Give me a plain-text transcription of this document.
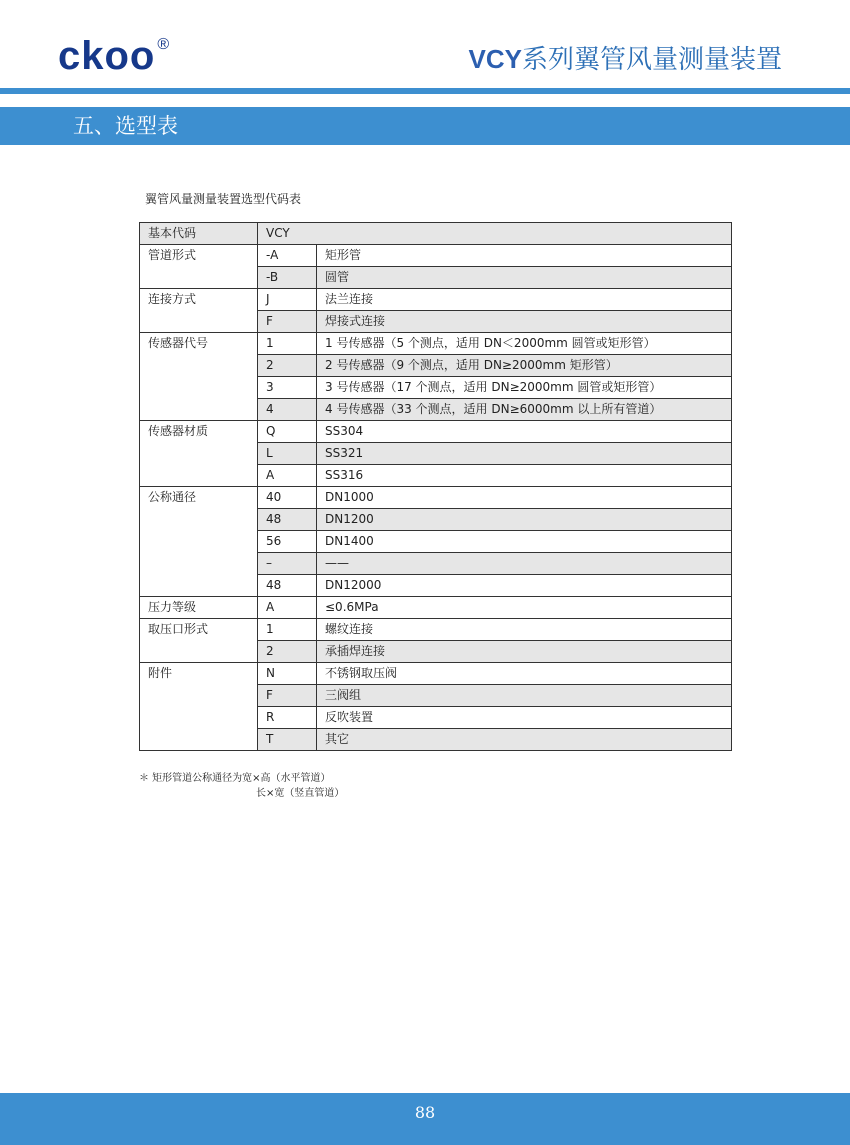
ckoo ®	VCY系列翼管风量测量装置
五、选型表
翼管风量测量装置选型代码表
基本代码	VCY	
管道形式	-A	矩形管
	-B	圆管
连接方式	J	法兰连接
	F	焊接式连接
传感器代号	1	1 号传感器（5 个测点，适用 DN＜2000mm 圆管或矩形管）
	2	2 号传感器（9 个测点，适用 DN≥2000mm 矩形管）
	3	3 号传感器（17 个测点，适用 DN≥2000mm 圆管或矩形管）
	4	4 号传感器（33 个测点，适用 DN≥6000mm 以上所有管道）
传感器材质	Q	SS304
	L	SS321
	A	SS316
公称通径	40	DN1000
	48	DN1200
	56	DN1400
	–	——
	48	DN12000
压力等级	A	≤0.6MPa
取压口形式	1	螺纹连接
	2	承插焊连接
附件	N	不锈钢取压阀
	F	三阀组
	R	反吹装置
	T	其它
＊ 矩形管道公称通径为宽×高（水平管道）
长×宽（竖直管道）
88
